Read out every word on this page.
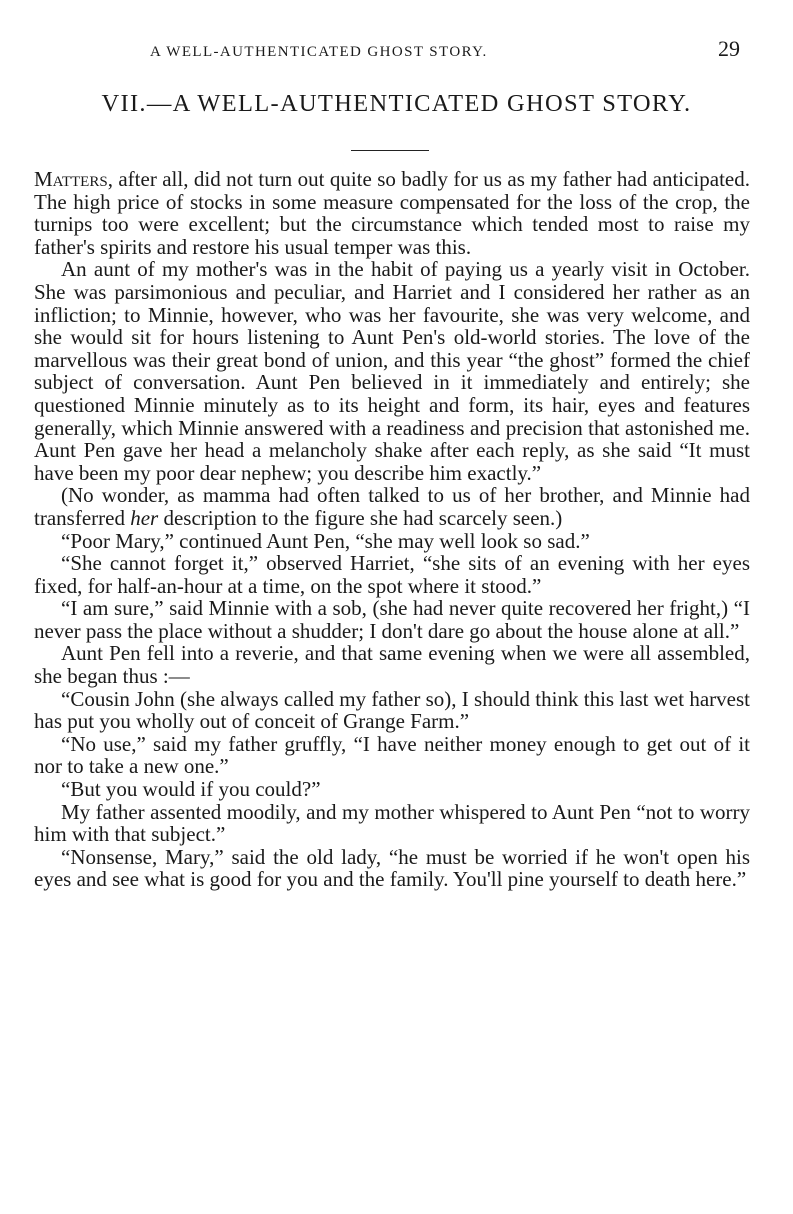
A WELL-AUTHENTICATED GHOST STORY.	29
VII.—A WELL-AUTHENTICATED GHOST STORY.

Matters, after all, did not turn out quite so badly for us as my father had anticipated. The high price of stocks in some measure compensated for the loss of the crop, the turnips too were excellent; but the circumstance which tended most to raise my father's spirits and restore his usual temper was this.

An aunt of my mother's was in the habit of paying us a yearly visit in October. She was parsimonious and peculiar, and Harriet and I considered her rather as an infliction; to Minnie, however, who was her favourite, she was very welcome, and she would sit for hours listening to Aunt Pen's old-world stories. The love of the marvellous was their great bond of union, and this year “the ghost” formed the chief subject of conversation. Aunt Pen believed in it immediately and entirely; she questioned Minnie minutely as to its height and form, its hair, eyes and features generally, which Minnie answered with a readiness and precision that astonished me. Aunt Pen gave her head a melancholy shake after each reply, as she said “It must have been my poor dear nephew; you describe him exactly.”

(No wonder, as mamma had often talked to us of her brother, and Minnie had transferred her description to the figure she had scarcely seen.)

“Poor Mary,” continued Aunt Pen, “she may well look so sad.”

“She cannot forget it,” observed Harriet, “she sits of an evening with her eyes fixed, for half-an-hour at a time, on the spot where it stood.”

“I am sure,” said Minnie with a sob, (she had never quite recovered her fright,) “I never pass the place without a shudder; I don't dare go about the house alone at all.”

Aunt Pen fell into a reverie, and that same evening when we were all assembled, she began thus :—

“Cousin John (she always called my father so), I should think this last wet harvest has put you wholly out of conceit of Grange Farm.”

“No use,” said my father gruffly, “I have neither money enough to get out of it nor to take a new one.”

“But you would if you could?”

My father assented moodily, and my mother whispered to Aunt Pen “not to worry him with that subject.”

“Nonsense, Mary,” said the old lady, “he must be worried if he won't open his eyes and see what is good for you and the family. You'll pine yourself to death here.”
